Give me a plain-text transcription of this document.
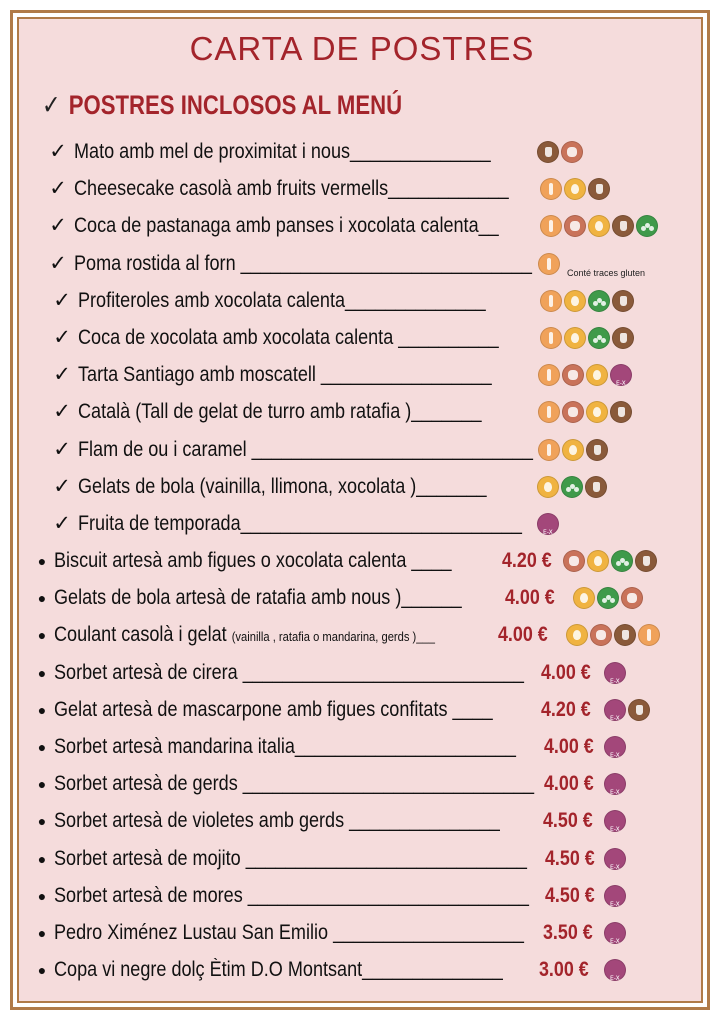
CARTA DE POSTRES
✓ POSTRES INCLOSOS AL MENÚ
✓ Mato amb mel de proximitat i nous______________
✓ Cheesecake casolà amb fruits vermells____________
✓ Coca de pastanaga amb panses i xocolata calenta__
✓ Poma rostida al forn _____________________________	Conté traces gluten
✓ Profiteroles amb xocolata calenta______________
✓ Coca de xocolata amb xocolata calenta __________
✓ Tarta Santiago amb moscatell _________________
E-X
✓ Català (Tall de gelat de turro amb ratafia )_______
✓ Flam de ou i caramel ____________________________
✓ Gelats de bola (vainilla, llimona, xocolata )_______
✓ Fruita de temporada____________________________
E-X
● Biscuit artesà amb figues o xocolata calenta ____ 4.20 €
● Gelats de bola artesà de ratafia amb nous )______ 4.00 €
● Coulant casolà i gelat (vainilla , ratafia o mandarina, gerds )___	4.00 €
● Sorbet artesà de cirera ____________________________ 4.00 €
E-X
● Gelat artesà de mascarpone amb figues confitats ____ 4.20 €
E-X
● Sorbet artesà mandarina italia______________________ 4.00 €
E-X
● Sorbet artesà de gerds _____________________________ 4.00 €
E-X
● Sorbet artesà de violetes amb gerds _______________ 4.50 €
E-X
● Sorbet artesà de mojito ____________________________ 4.50 €
E-X
● Sorbet artesà de mores ____________________________ 4.50 €
E-X
● Pedro Ximénez Lustau San Emilio ___________________ 3.50 €
E-X
● Copa vi negre dolç Ètim D.O Montsant______________ 3.00 €
E-X
